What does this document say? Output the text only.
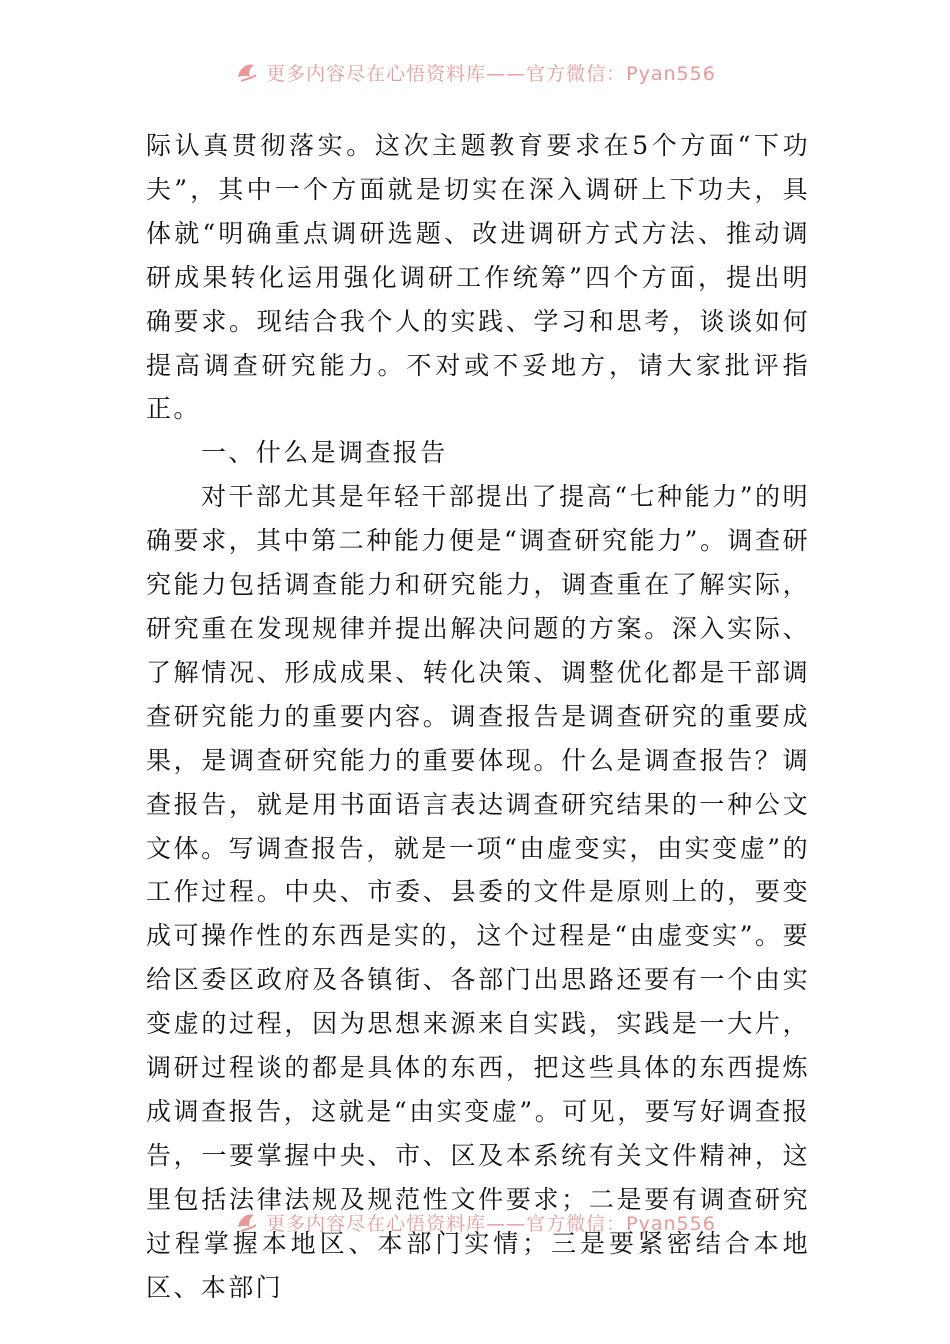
更多内容尽在心悟资料库——官方微信：Pyan556

际认真贯彻落实。这次主题教育要求在5个方面“下功夫”，其中一个方面就是切实在深入调研上下功夫，具体就“明确重点调研选题、改进调研方式方法、推动调研成果转化运用强化调研工作统筹”四个方面，提出明确要求。现结合我个人的实践、学习和思考，谈谈如何提高调查研究能力。不对或不妥地方，请大家批评指正。

一、什么是调查报告

对干部尤其是年轻干部提出了提高“七种能力”的明确要求，其中第二种能力便是“调查研究能力”。调查研究能力包括调查能力和研究能力，调查重在了解实际，研究重在发现规律并提出解决问题的方案。深入实际、了解情况、形成成果、转化决策、调整优化都是干部调查研究能力的重要内容。调查报告是调查研究的重要成果，是调查研究能力的重要体现。什么是调查报告？调查报告，就是用书面语言表达调查研究结果的一种公文文体。写调查报告，就是一项“由虚变实，由实变虚”的工作过程。中央、市委、县委的文件是原则上的，要变成可操作性的东西是实的，这个过程是“由虚变实”。要给区委区政府及各镇街、各部门出思路还要有一个由实变虚的过程，因为思想来源来自实践，实践是一大片，调研过程谈的都是具体的东西，把这些具体的东西提炼成调查报告，这就是“由实变虚”。可见，要写好调查报告，一要掌握中央、市、区及本系统有关文件精神，这里包括法律法规及规范性文件要求；二是要有调查研究过程掌握本地区、本部门实情；三是要紧密结合本地区、本部门

更多内容尽在心悟资料库——官方微信：Pyan556
